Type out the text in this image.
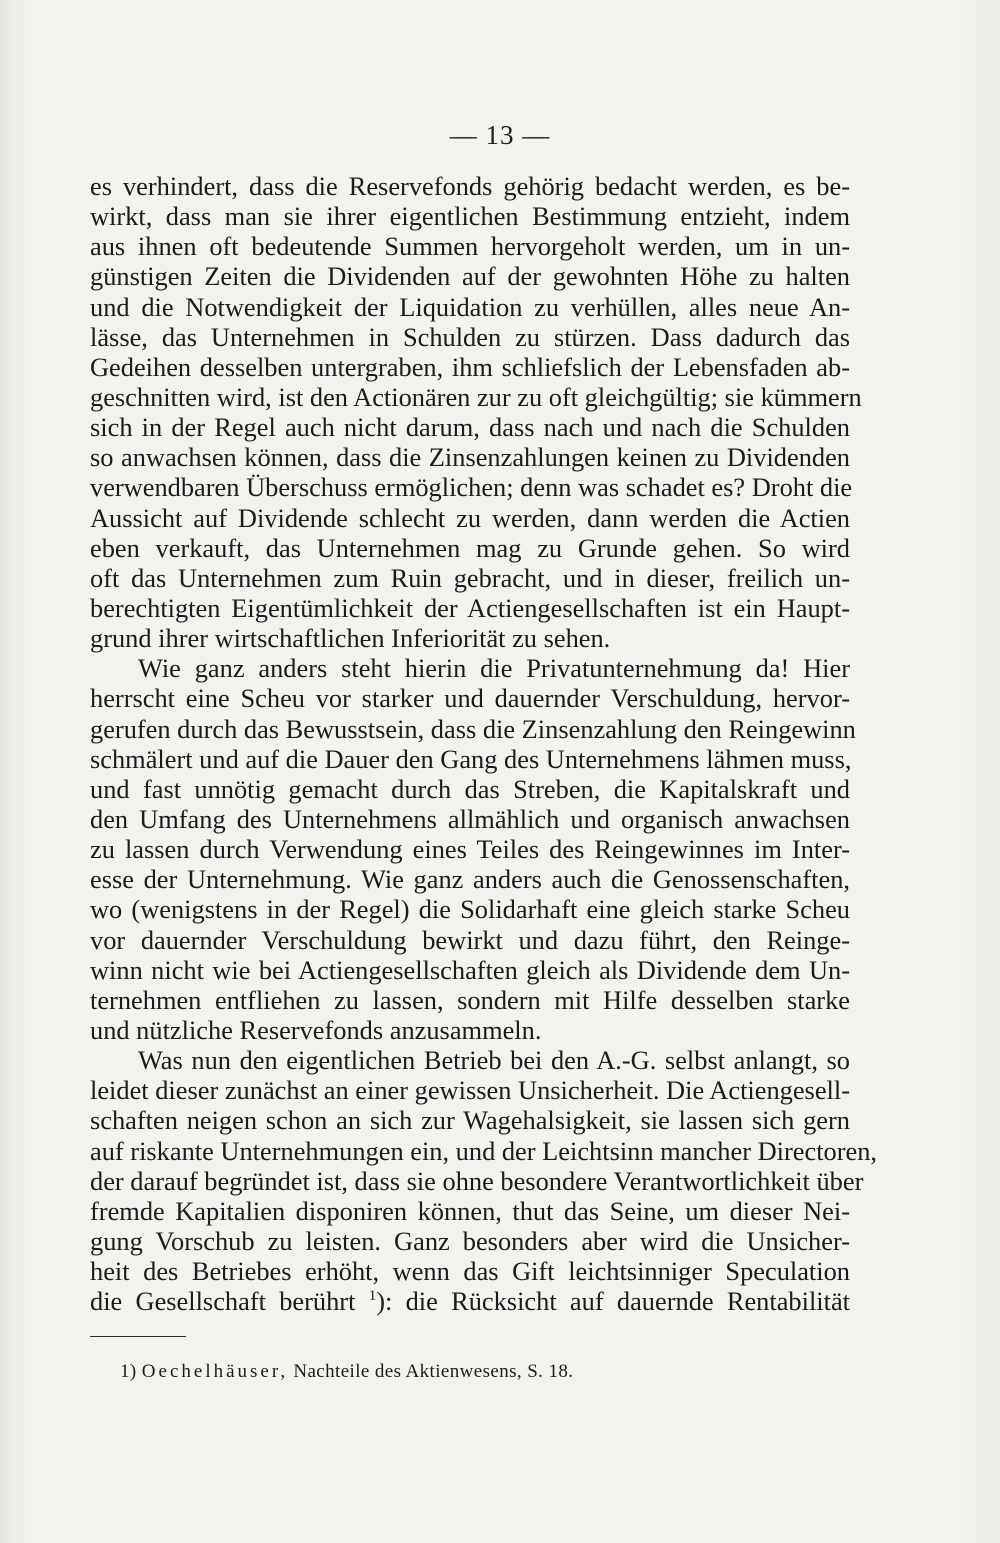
— 13 —
es verhindert, dass die Reservefonds gehörig bedacht werden, es be-
wirkt, dass man sie ihrer eigentlichen Bestimmung entzieht, indem
aus ihnen oft bedeutende Summen hervorgeholt werden, um in un-
günstigen Zeiten die Dividenden auf der gewohnten Höhe zu halten
und die Notwendigkeit der Liquidation zu verhüllen, alles neue An-
lässe, das Unternehmen in Schulden zu stürzen. Dass dadurch das
Gedeihen desselben untergraben, ihm schliefslich der Lebensfaden ab-
geschnitten wird, ist den Actionären zur zu oft gleichgültig; sie kümmern
sich in der Regel auch nicht darum, dass nach und nach die Schulden
so anwachsen können, dass die Zinsenzahlungen keinen zu Dividenden
verwendbaren Überschuss ermöglichen; denn was schadet es? Droht die
Aussicht auf Dividende schlecht zu werden, dann werden die Actien
eben verkauft, das Unternehmen mag zu Grunde gehen. So wird
oft das Unternehmen zum Ruin gebracht, und in dieser, freilich un-
berechtigten Eigentümlichkeit der Actiengesellschaften ist ein Haupt-
grund ihrer wirtschaftlichen Inferiorität zu sehen.
Wie ganz anders steht hierin die Privatunternehmung da! Hier
herrscht eine Scheu vor starker und dauernder Verschuldung, hervor-
gerufen durch das Bewusstsein, dass die Zinsenzahlung den Reingewinn
schmälert und auf die Dauer den Gang des Unternehmens lähmen muss,
und fast unnötig gemacht durch das Streben, die Kapitalskraft und
den Umfang des Unternehmens allmählich und organisch anwachsen
zu lassen durch Verwendung eines Teiles des Reingewinnes im Inter-
esse der Unternehmung. Wie ganz anders auch die Genossenschaften,
wo (wenigstens in der Regel) die Solidarhaft eine gleich starke Scheu
vor dauernder Verschuldung bewirkt und dazu führt, den Reinge-
winn nicht wie bei Actiengesellschaften gleich als Dividende dem Un-
ternehmen entfliehen zu lassen, sondern mit Hilfe desselben starke
und nützliche Reservefonds anzusammeln.
Was nun den eigentlichen Betrieb bei den A.-G. selbst anlangt, so
leidet dieser zunächst an einer gewissen Unsicherheit. Die Actiengesell-
schaften neigen schon an sich zur Wagehalsigkeit, sie lassen sich gern
auf riskante Unternehmungen ein, und der Leichtsinn mancher Directoren,
der darauf begründet ist, dass sie ohne besondere Verantwortlichkeit über
fremde Kapitalien disponiren können, thut das Seine, um dieser Nei-
gung Vorschub zu leisten. Ganz besonders aber wird die Unsicher-
heit des Betriebes erhöht, wenn das Gift leichtsinniger Speculation
die Gesellschaft berührt $^1$): die Rücksicht auf dauernde Rentabilität
1) Oechelhäuser, Nachteile des Aktienwesens, S. 18.
